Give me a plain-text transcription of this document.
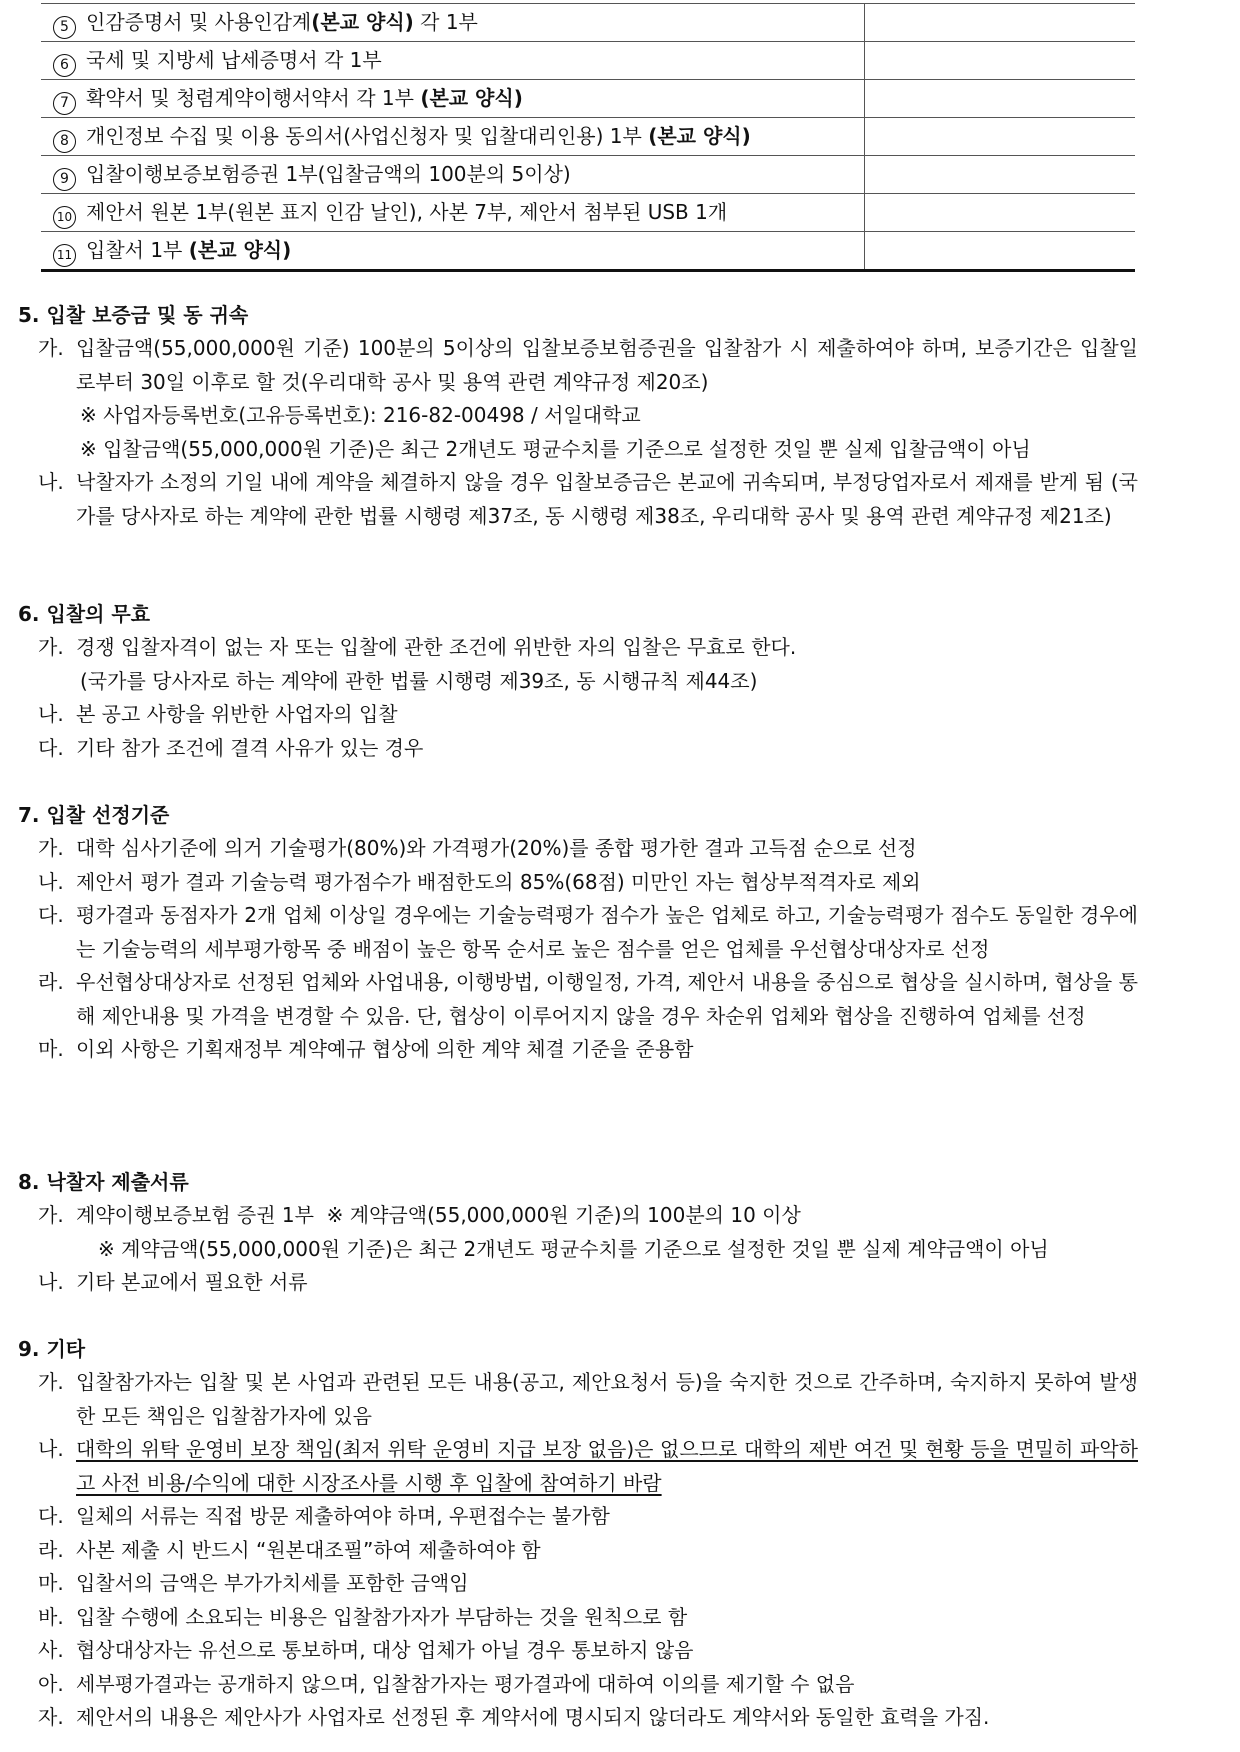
5 인감증명서 및 사용인감계(본교 양식) 각 1부	
6 국세 및 지방세 납세증명서 각 1부	
7 확약서 및 청렴계약이행서약서 각 1부 (본교 양식)	
8 개인정보 수집 및 이용 동의서(사업신청자 및 입찰대리인용) 1부 (본교 양식)	
9 입찰이행보증보험증권 1부(입찰금액의 100분의 5이상)	
10 제안서 원본 1부(원본 표지 인감 날인), 사본 7부, 제안서 첨부된 USB 1개	
11 입찰서 1부 (본교 양식)	
5. 입찰 보증금 및 동 귀속
가. 입찰금액(55,000,000원 기준) 100분의 5이상의 입찰보증보험증권을 입찰참가 시 제출하여야 하며, 보증기간은 입찰일로부터 30일 이후로 할 것(우리대학 공사 및 용역 관련 계약규정 제20조)
※ 사업자등록번호(고유등록번호): 216-82-00498 / 서일대학교
※ 입찰금액(55,000,000원 기준)은 최근 2개년도 평균수치를 기준으로 설정한 것일 뿐 실제 입찰금액이 아님
나. 낙찰자가 소정의 기일 내에 계약을 체결하지 않을 경우 입찰보증금은 본교에 귀속되며, 부정당업자로서 제재를 받게 됨 (국가를 당사자로 하는 계약에 관한 법률 시행령 제37조, 동 시행령 제38조, 우리대학 공사 및 용역 관련 계약규정 제21조)
6. 입찰의 무효
가. 경쟁 입찰자격이 없는 자 또는 입찰에 관한 조건에 위반한 자의 입찰은 무효로 한다.
(국가를 당사자로 하는 계약에 관한 법률 시행령 제39조, 동 시행규칙 제44조)
나. 본 공고 사항을 위반한 사업자의 입찰
다. 기타 참가 조건에 결격 사유가 있는 경우
7. 입찰 선정기준
가. 대학 심사기준에 의거 기술평가(80%)와 가격평가(20%)를 종합 평가한 결과 고득점 순으로 선정
나. 제안서 평가 결과 기술능력 평가점수가 배점한도의 85%(68점) 미만인 자는 협상부적격자로 제외
다. 평가결과 동점자가 2개 업체 이상일 경우에는 기술능력평가 점수가 높은 업체로 하고, 기술능력평가 점수도 동일한 경우에는 기술능력의 세부평가항목 중 배점이 높은 항목 순서로 높은 점수를 얻은 업체를 우선협상대상자로 선정
라. 우선협상대상자로 선정된 업체와 사업내용, 이행방법, 이행일정, 가격, 제안서 내용을 중심으로 협상을 실시하며, 협상을 통해 제안내용 및 가격을 변경할 수 있음. 단, 협상이 이루어지지 않을 경우 차순위 업체와 협상을 진행하여 업체를 선정
마. 이외 사항은 기획재정부 계약예규 협상에 의한 계약 체결 기준을 준용함
8. 낙찰자 제출서류
가. 계약이행보증보험 증권 1부  ※ 계약금액(55,000,000원 기준)의 100분의 10 이상
※ 계약금액(55,000,000원 기준)은 최근 2개년도 평균수치를 기준으로 설정한 것일 뿐 실제 계약금액이 아님
나. 기타 본교에서 필요한 서류
9. 기타
가. 입찰참가자는 입찰 및 본 사업과 관련된 모든 내용(공고, 제안요청서 등)을 숙지한 것으로 간주하며, 숙지하지 못하여 발생한 모든 책임은 입찰참가자에 있음
나. 대학의 위탁 운영비 보장 책임(최저 위탁 운영비 지급 보장 없음)은 없으므로 대학의 제반 여건 및 현황 등을 면밀히 파악하고 사전 비용/수익에 대한 시장조사를 시행 후 입찰에 참여하기 바람
다. 일체의 서류는 직접 방문 제출하여야 하며, 우편접수는 불가함
라. 사본 제출 시 반드시 “원본대조필”하여 제출하여야 함
마. 입찰서의 금액은 부가가치세를 포함한 금액임
바. 입찰 수행에 소요되는 비용은 입찰참가자가 부담하는 것을 원칙으로 함
사. 협상대상자는 유선으로 통보하며, 대상 업체가 아닐 경우 통보하지 않음
아. 세부평가결과는 공개하지 않으며, 입찰참가자는 평가결과에 대하여 이의를 제기할 수 없음
자. 제안서의 내용은 제안사가 사업자로 선정된 후 계약서에 명시되지 않더라도 계약서와 동일한 효력을 가짐.
